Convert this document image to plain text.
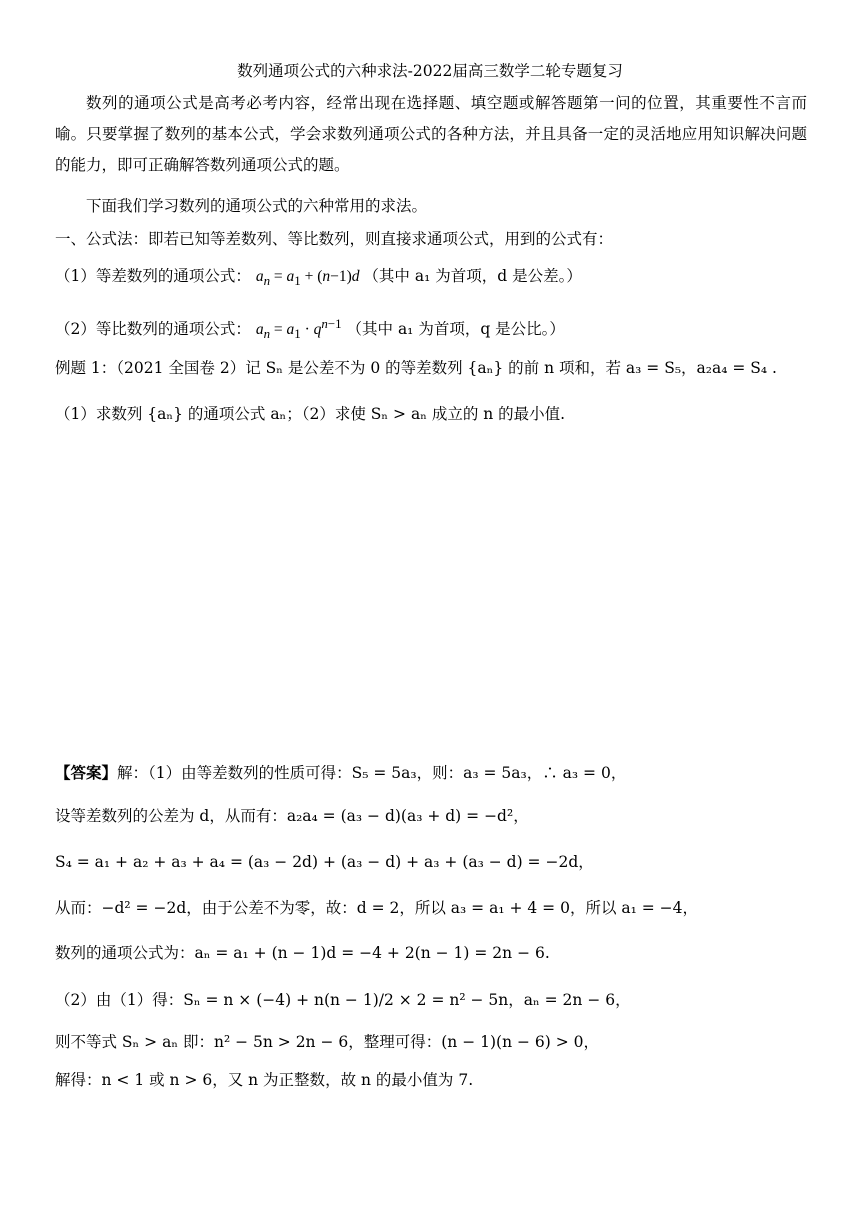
数列通项公式的六种求法-2022届高三数学二轮专题复习
数列的通项公式是高考必考内容，经常出现在选择题、填空题或解答题第一问的位置，其重要性不言而喻。只要掌握了数列的基本公式，学会求数列通项公式的各种方法，并且具备一定的灵活地应用知识解决问题的能力，即可正确解答数列通项公式的题。
下面我们学习数列的通项公式的六种常用的求法。
一、公式法：即若已知等差数列、等比数列，则直接求通项公式，用到的公式有：
（1）等差数列的通项公式： $a_n = a_1 + (n-1)d$ （其中 a₁ 为首项，d 是公差。）
（2）等比数列的通项公式： $a_n = a_1 \cdot q^{n-1}$ （其中 a₁ 为首项，q 是公比。）
例题 1：（2021 全国卷 2）记 Sₙ 是公差不为 0 的等差数列 {aₙ} 的前 n 项和，若 a₃ = S₅，a₂a₄ = S₄ .
（1）求数列 {aₙ} 的通项公式 aₙ；（2）求使 Sₙ > aₙ 成立的 n 的最小值.
【答案】解：（1）由等差数列的性质可得：S₅ = 5a₃，则：a₃ = 5a₃，∴ a₃ = 0，
设等差数列的公差为 d，从而有：a₂a₄ = (a₃ − d)(a₃ + d) = −d²，
S₄ = a₁ + a₂ + a₃ + a₄ = (a₃ − 2d) + (a₃ − d) + a₃ + (a₃ − d) = −2d，
从而：−d² = −2d，由于公差不为零，故：d = 2，所以 a₃ = a₁ + 4 = 0，所以 a₁ = −4，
数列的通项公式为：aₙ = a₁ + (n − 1)d = −4 + 2(n − 1) = 2n − 6.
（2）由（1）得：Sₙ = n × (−4) + n(n − 1)/2 × 2 = n² − 5n，aₙ = 2n − 6，
则不等式 Sₙ > aₙ 即：n² − 5n > 2n − 6，整理可得：(n − 1)(n − 6) > 0，
解得：n < 1 或 n > 6，又 n 为正整数，故 n 的最小值为 7.
